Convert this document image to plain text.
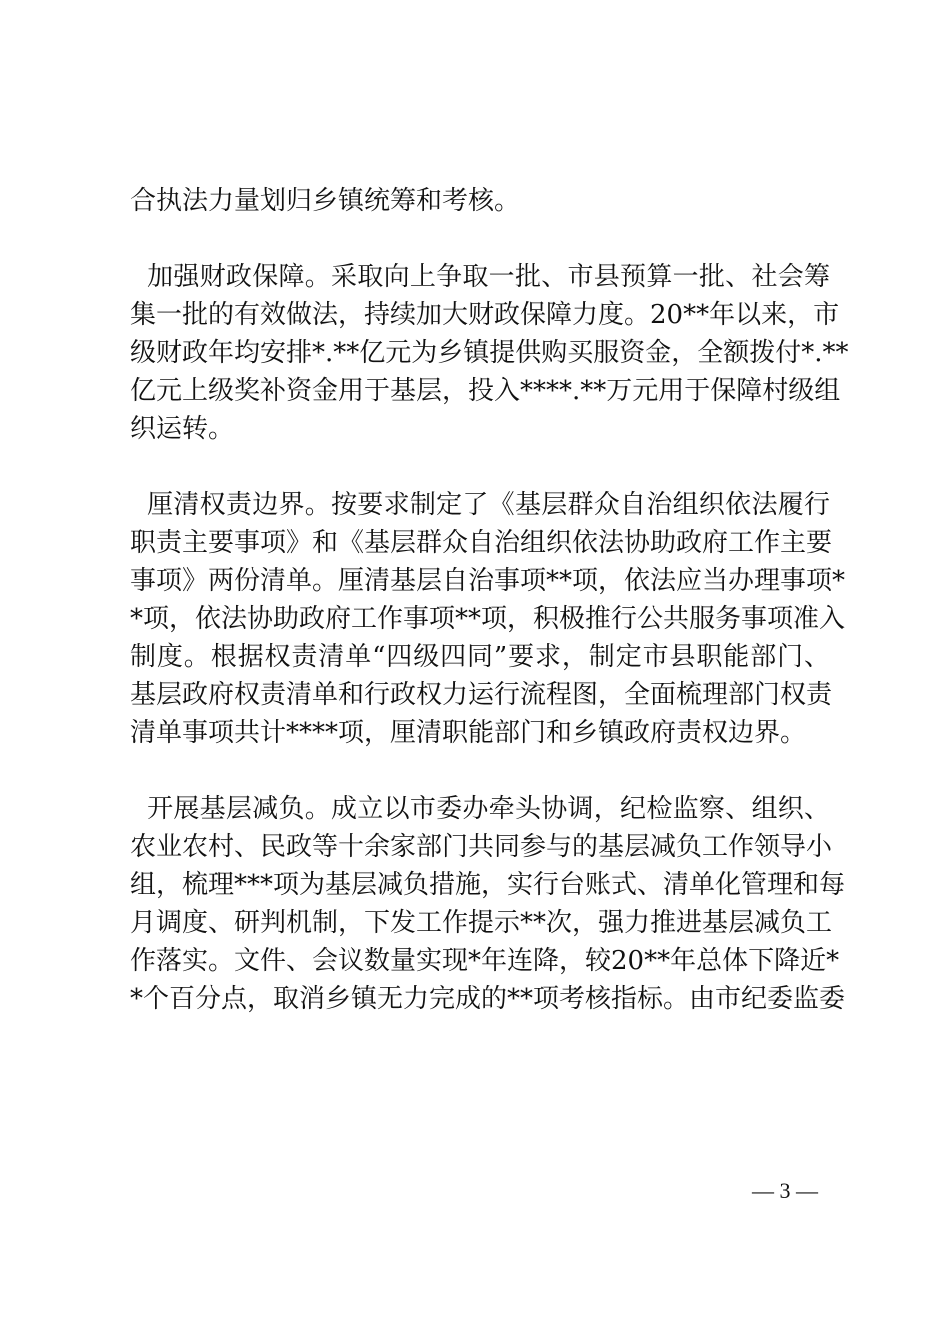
合执法力量划归乡镇统筹和考核。
加强财政保障。采取向上争取一批、市县预算一批、社会筹
集一批的有效做法，持续加大财政保障力度。20**年以来，市
级财政年均安排*.**亿元为乡镇提供购买服资金，全额拨付*.**
亿元上级奖补资金用于基层，投入****.**万元用于保障村级组
织运转。
厘清权责边界。按要求制定了《基层群众自治组织依法履行
职责主要事项》和《基层群众自治组织依法协助政府工作主要
事项》两份清单。厘清基层自治事项**项，依法应当办理事项*
*项，依法协助政府工作事项**项，积极推行公共服务事项准入
制度。根据权责清单“四级四同”要求，制定市县职能部门、
基层政府权责清单和行政权力运行流程图，全面梳理部门权责
清单事项共计****项，厘清职能部门和乡镇政府责权边界。
开展基层减负。成立以市委办牵头协调，纪检监察、组织、
农业农村、民政等十余家部门共同参与的基层减负工作领导小
组，梳理***项为基层减负措施，实行台账式、清单化管理和每
月调度、研判机制，下发工作提示**次，强力推进基层减负工
作落实。文件、会议数量实现*年连降，较20**年总体下降近*
*个百分点，取消乡镇无力完成的**项考核指标。由市纪委监委
— 3 —
